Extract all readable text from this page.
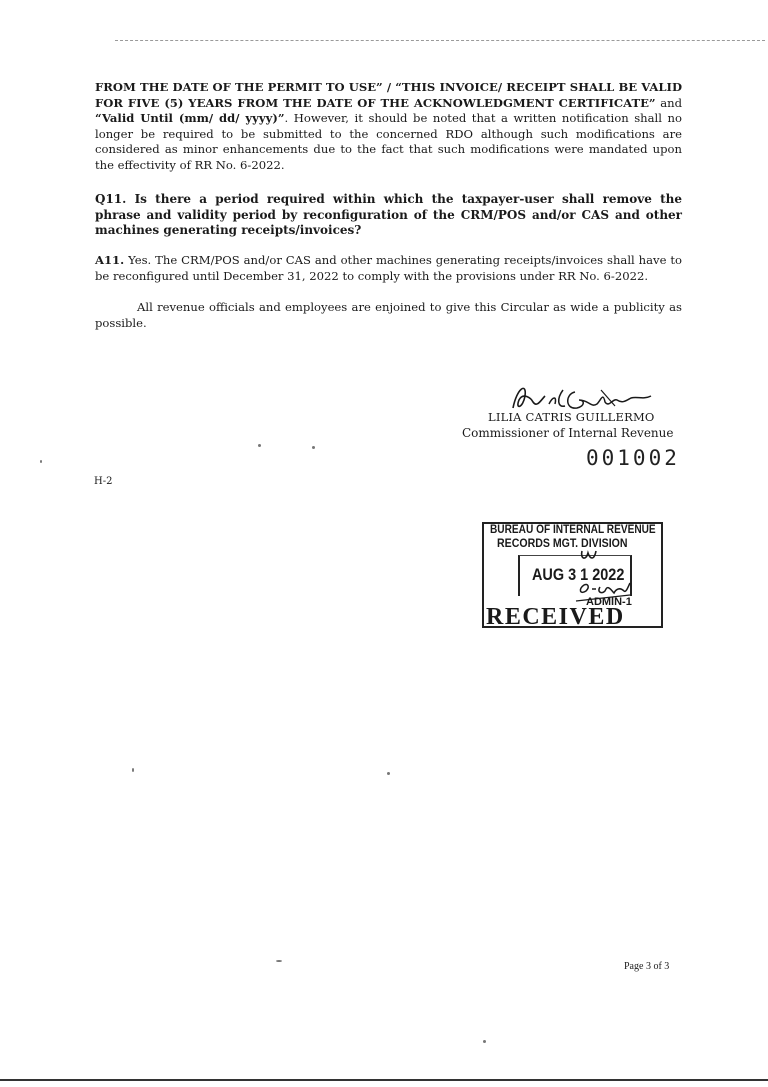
FROM THE DATE OF THE PERMIT TO USE” / “THIS INVOICE/ RECEIPT SHALL BE VALID FOR FIVE (5) YEARS FROM THE DATE OF THE ACKNOWLEDGMENT CERTIFICATE” and “Valid Until (mm/ dd/ yyyy)”. However, it should be noted that a written notification shall no longer be required to be submitted to the concerned RDO although such modifications are considered as minor enhancements due to the fact that such modifications were mandated upon the effectivity of RR No. 6-2022.

Q11. Is there a period required within which the taxpayer-user shall remove the phrase and validity period by reconfiguration of the CRM/POS and/or CAS and other machines generating receipts/invoices?

A11. Yes. The CRM/POS and/or CAS and other machines generating receipts/invoices shall have to be reconfigured until December 31, 2022 to comply with the provisions under RR No. 6-2022.

All revenue officials and employees are enjoined to give this Circular as wide a publicity as possible.

LILIA CATRIS GUILLERMO
Commissioner of Internal Revenue
001002
H-2
BUREAU OF INTERNAL REVENUE
RECORDS MGT. DIVISION
AUG 3 1 2022
ADMIN-1
RECEIVED
Page 3 of 3
